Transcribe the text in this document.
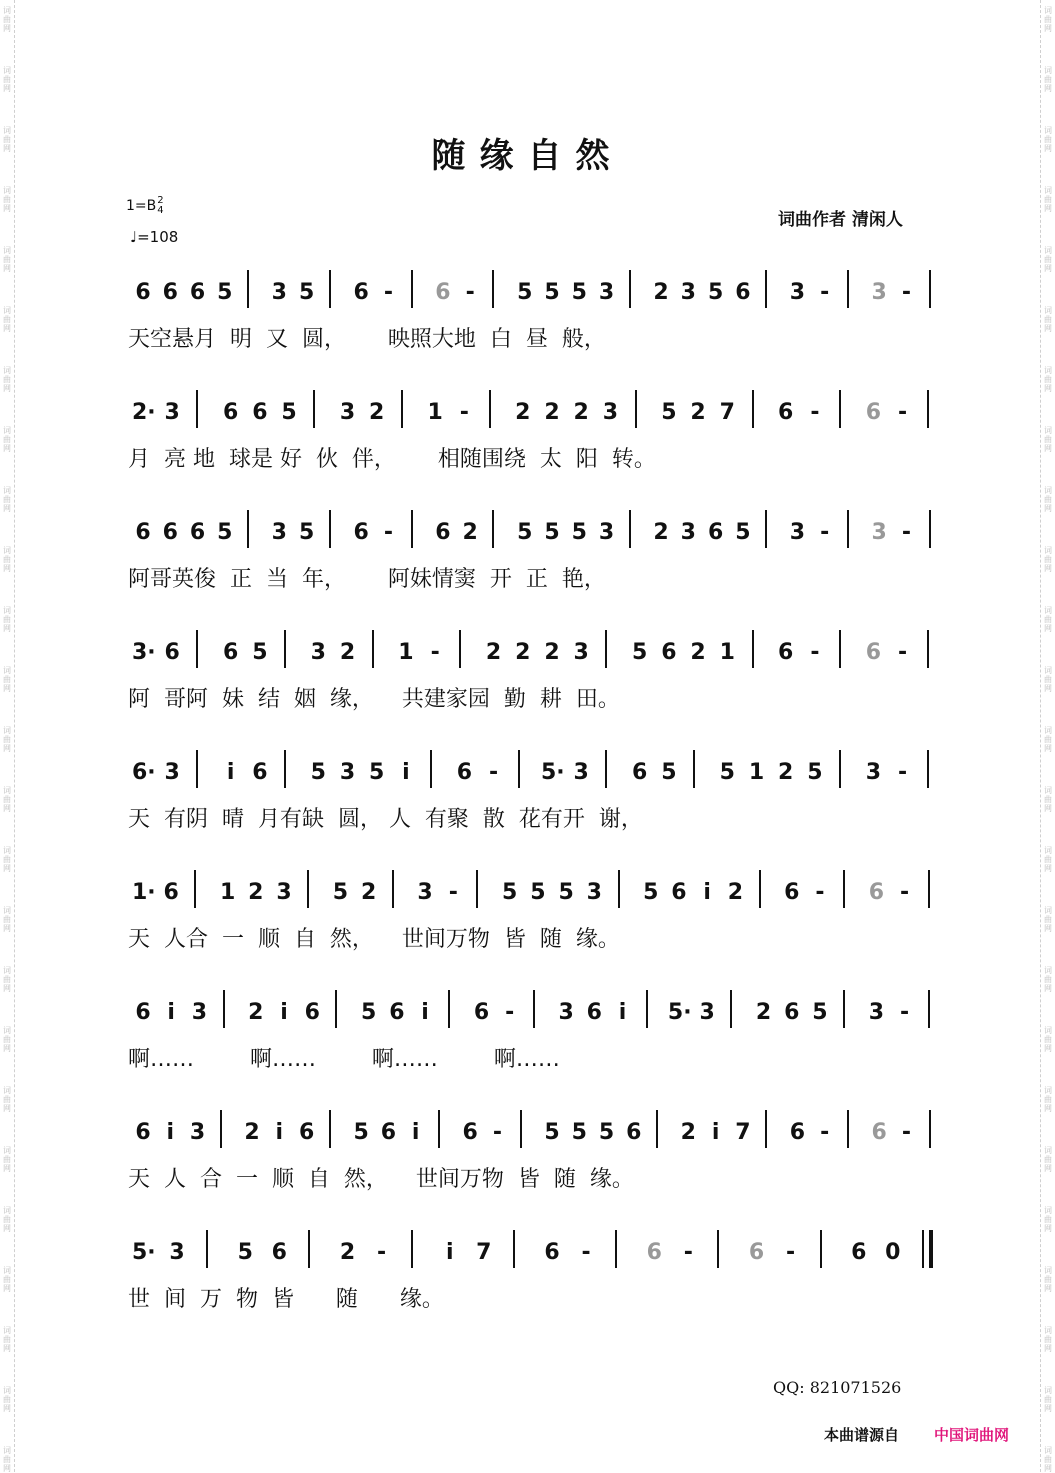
词
曲
网
词
曲
网
词
曲
网
词
曲
网
词
曲
网
词
曲
网
词
曲
网
词
曲
网
词
曲
网
词
曲
网
词
曲
网
词
曲
网
词
曲
网
词
曲
网
词
曲
网
词
曲
网
词
曲
网
词
曲
网
词
曲
网
词
曲
网
词
曲
网
词
曲
网
词
曲
网
词
曲
网
词
曲
网
词
曲
网
词
曲
网
词
曲
网
词
曲
网
词
曲
网
词
曲
网
词
曲
网
词
曲
网
词
曲
网
词
曲
网
词
曲
网
词
曲
网
词
曲
网
词
曲
网
词
曲
网
词
曲
网
词
曲
网
词
曲
网
词
曲
网
词
曲
网
词
曲
网
词
曲
网
词
曲
网
词
曲
网
词
曲
网
随缘自然
1=B2
4
♩=108
词曲作者 清闲人
6 6 6 5 3 5 6 - 6 - 5 5 5 3 2 3 5 6 3 - 3 -
天空悬月  明  又  圆，      映照大地  白  昼  般，
2· 3 6 6 5 3 2 1 - 2 2 2 3 5 2 7 6 - 6 -
月  亮 地  球是 好  伙  伴，      相随围绕  太  阳  转。
6 6 6 5 3 5 6 - 6 2 5 5 5 3 2 3 6 5 3 - 3 -
阿哥英俊  正  当  年，      阿妹情窦  开  正  艳，
3· 6 6 5 3 2 1 - 2 2 2 3 5 6 2 1 6 - 6 -
阿  哥阿  妹  结  姻  缘，    共建家园  勤  耕  田。
6· 3	i 6 5 3 5 i	6 - 5· 3 6 5 5 1 2 5 3 -
天  有阴  晴  月有缺  圆， 人  有聚  散  花有开  谢，
1· 6 1 2 3 5 2 3 - 5 5 5 3 5 6 i 2 6 - 6 -
天  人合  一  顺  自  然，    世间万物  皆  随  缘。
6 i 3 2 i 6 5 6 i	6 - 3 6 i	5· 3 2 6 5 3 -
啊……        啊……        啊……        啊……
6 i 3 2 i 6 5 6 i	6 - 5 5 5 6 2 i 7 6 - 6 -
天  人  合  一  顺  自  然，    世间万物  皆  随  缘。
5· 3 5 6 2 -	i	7 6 -	6 -	6 -	6 0
世  间  万  物  皆      随      缘。
QQ: 821071526
本曲谱源自 中国词曲网
